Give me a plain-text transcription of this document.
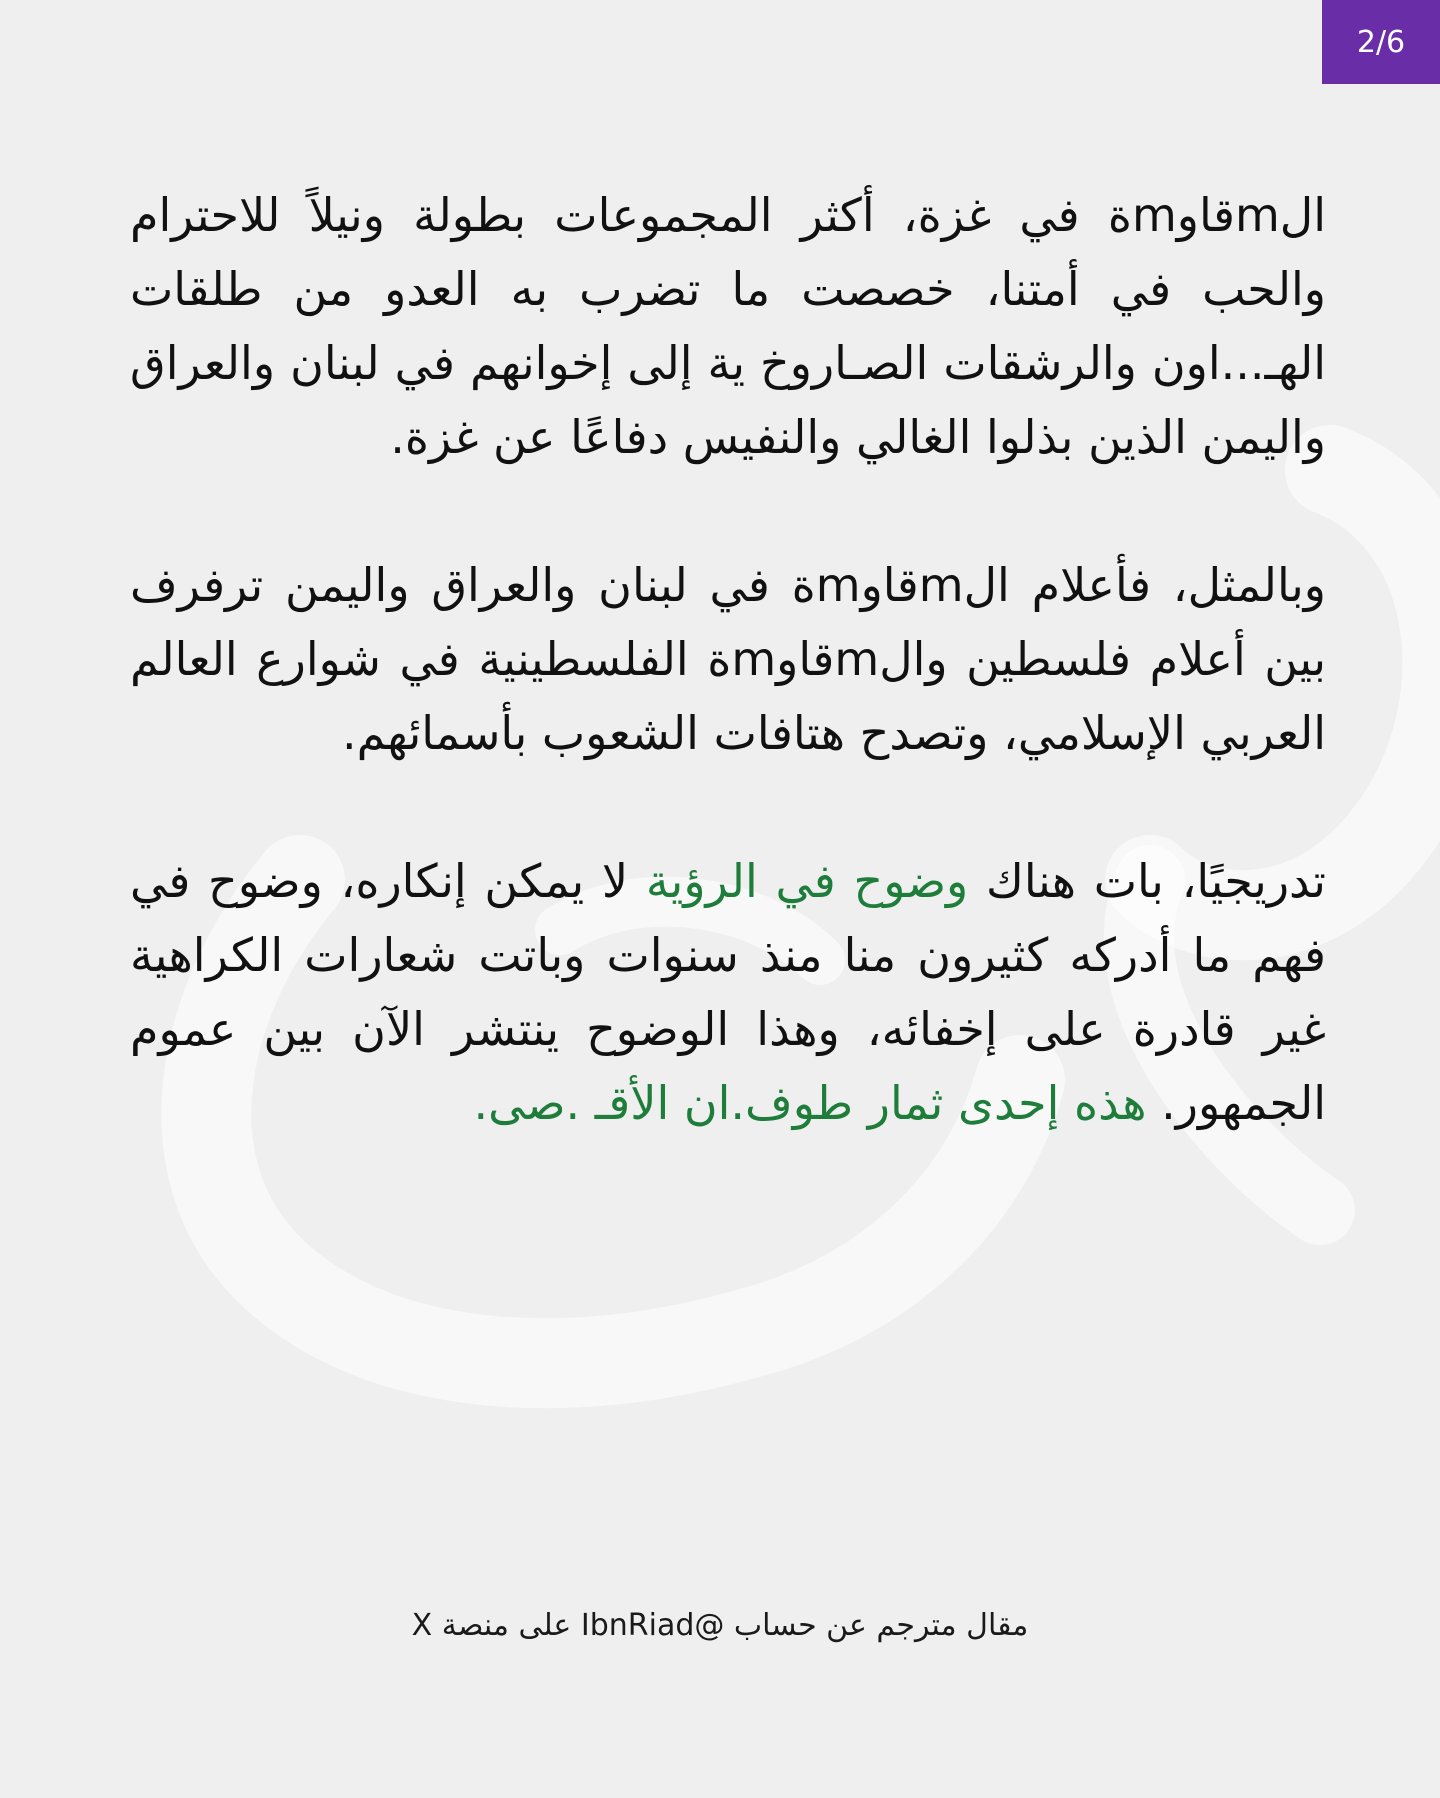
2/6

الmقاوmة في غزة، أكثر المجموعات بطولة ونيلاً للاحترام والحب في أمتنا، خصصت ما تضرب به العدو من طلقات الهـ...اون والرشقات الصـاروخ ية إلى إخوانهم في لبنان والعراق واليمن الذين بذلوا الغالي والنفيس دفاعًا عن غزة.

وبالمثل، فأعلام الmقاوmة في لبنان والعراق واليمن ترفرف بين أعلام فلسطين والmقاوmة الفلسطينية في شوارع العالم العربي الإسلامي، وتصدح هتافات الشعوب بأسمائهم.

تدريجيًا، بات هناك وضوح في الرؤية لا يمكن إنكاره، وضوح في فهم ما أدركه كثيرون منا منذ سنوات وباتت شعارات الكراهية غير قادرة على إخفائه، وهذا الوضوح ينتشر الآن بين عموم الجمهور. هذه إحدى ثمار طوف.ان الأقـ .صى.

مقال مترجم عن حساب @IbnRiad على منصة X
